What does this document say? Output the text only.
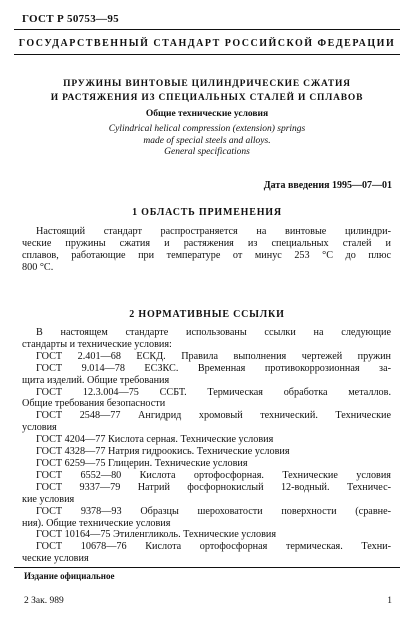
ГОСТ Р 50753—95
ГОСУДАРСТВЕННЫЙ СТАНДАРТ РОССИЙСКОЙ ФЕДЕРАЦИИ
ПРУЖИНЫ ВИНТОВЫЕ ЦИЛИНДРИЧЕСКИЕ СЖАТИЯ
И РАСТЯЖЕНИЯ ИЗ СПЕЦИАЛЬНЫХ СТАЛЕЙ И СПЛАВОВ
Общие технические условия
Cylindrical helical compression (extension) springs
made of special steels and alloys.
General specifications
Дата введения 1995—07—01
1 ОБЛАСТЬ ПРИМЕНЕНИЯ
Настоящий стандарт распространяется на винтовые цилиндри-
ческие пружины сжатия и растяжения из специальных сталей и
сплавов, работающие при температуре от минус 253 °С до плюс
800 °С.
2 НОРМАТИВНЫЕ ССЫЛКИ
В настоящем стандарте использованы ссылки на следующие
стандарты и технические условия:
ГОСТ 2.401—68 ЕСКД. Правила выполнения чертежей пружин
ГОСТ 9.014—78 ЕСЗКС. Временная противокоррозионная за-
щита изделий. Общие требования
ГОСТ 12.3.004—75 ССБТ. Термическая обработка металлов.
Общие требования безопасности
ГОСТ 2548—77 Ангидрид хромовый технический. Технические
условия
ГОСТ 4204—77 Кислота серная. Технические условия
ГОСТ 4328—77 Натрия гидроокись. Технические условия
ГОСТ 6259—75 Глицерин. Технические условия
ГОСТ 6552—80 Кислота ортофосфорная. Технические условия
ГОСТ 9337—79 Натрий фосфорнокислый 12-водный. Техничес-
кие условия
ГОСТ 9378—93 Образцы шероховатости поверхности (сравне-
ния). Общие технические условия
ГОСТ 10164—75 Этиленгликоль. Технические условия
ГОСТ 10678—76 Кислота ортофосфорная термическая. Техни-
ческие условия
Издание официальное
2 Зак. 989	1
